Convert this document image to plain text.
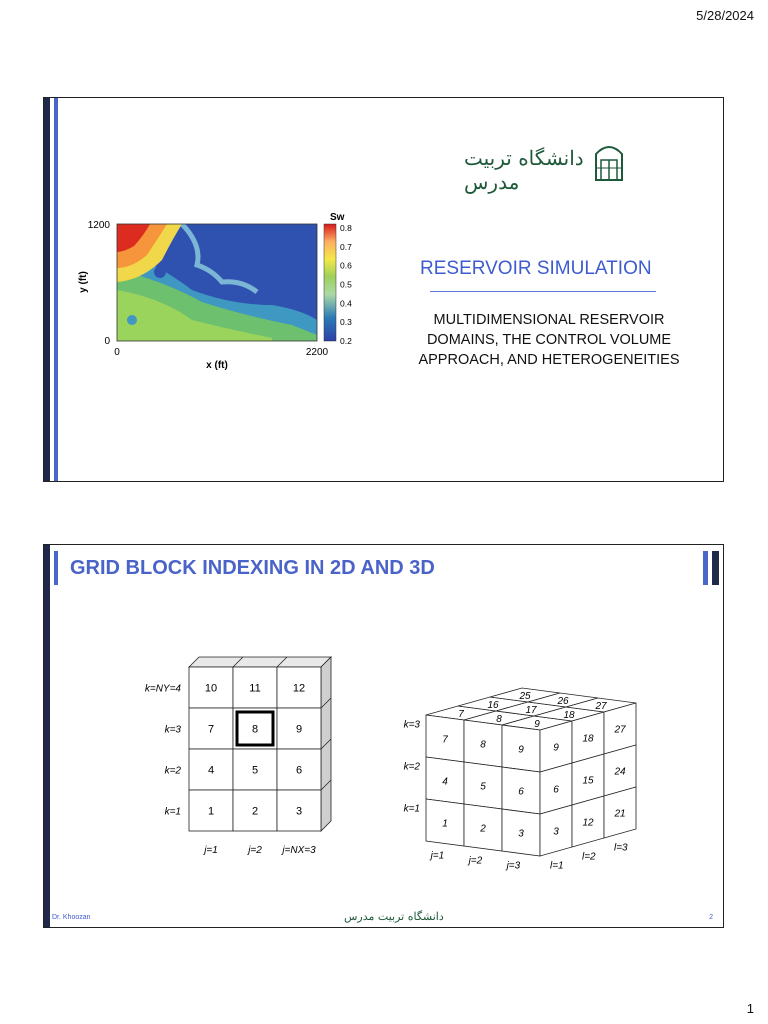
5/28/2024
دانشگاه تربیت مدرس
1200
0
0	2200
x (ft)
y (ft)
Sw
0.8
0.7
0.6
0.5
0.4
0.3
0.2
RESERVOIR SIMULATION
MULTIDIMENSIONAL RESERVOIR
DOMAINS, THE CONTROL VOLUME
APPROACH, AND HETEROGENEITIES
GRID BLOCK INDEXING IN 2D AND 3D
10	11	12
k=NY=4
7	8	9
k=3
4	5	6
k=2
1	2	3
k=1
j=1	j=2 j=NX=3
7
4
1
8
5
2
9
6
3
9
6
3
18
15
12
27
24
21
25
16	26
7	17	27
8	18
9
k=3
k=2
k=1
j=1 j=2 j=3	l=1
l=2
l=3
Dr. Khoozan	دانشگاه تربیت مدرس	2
1
